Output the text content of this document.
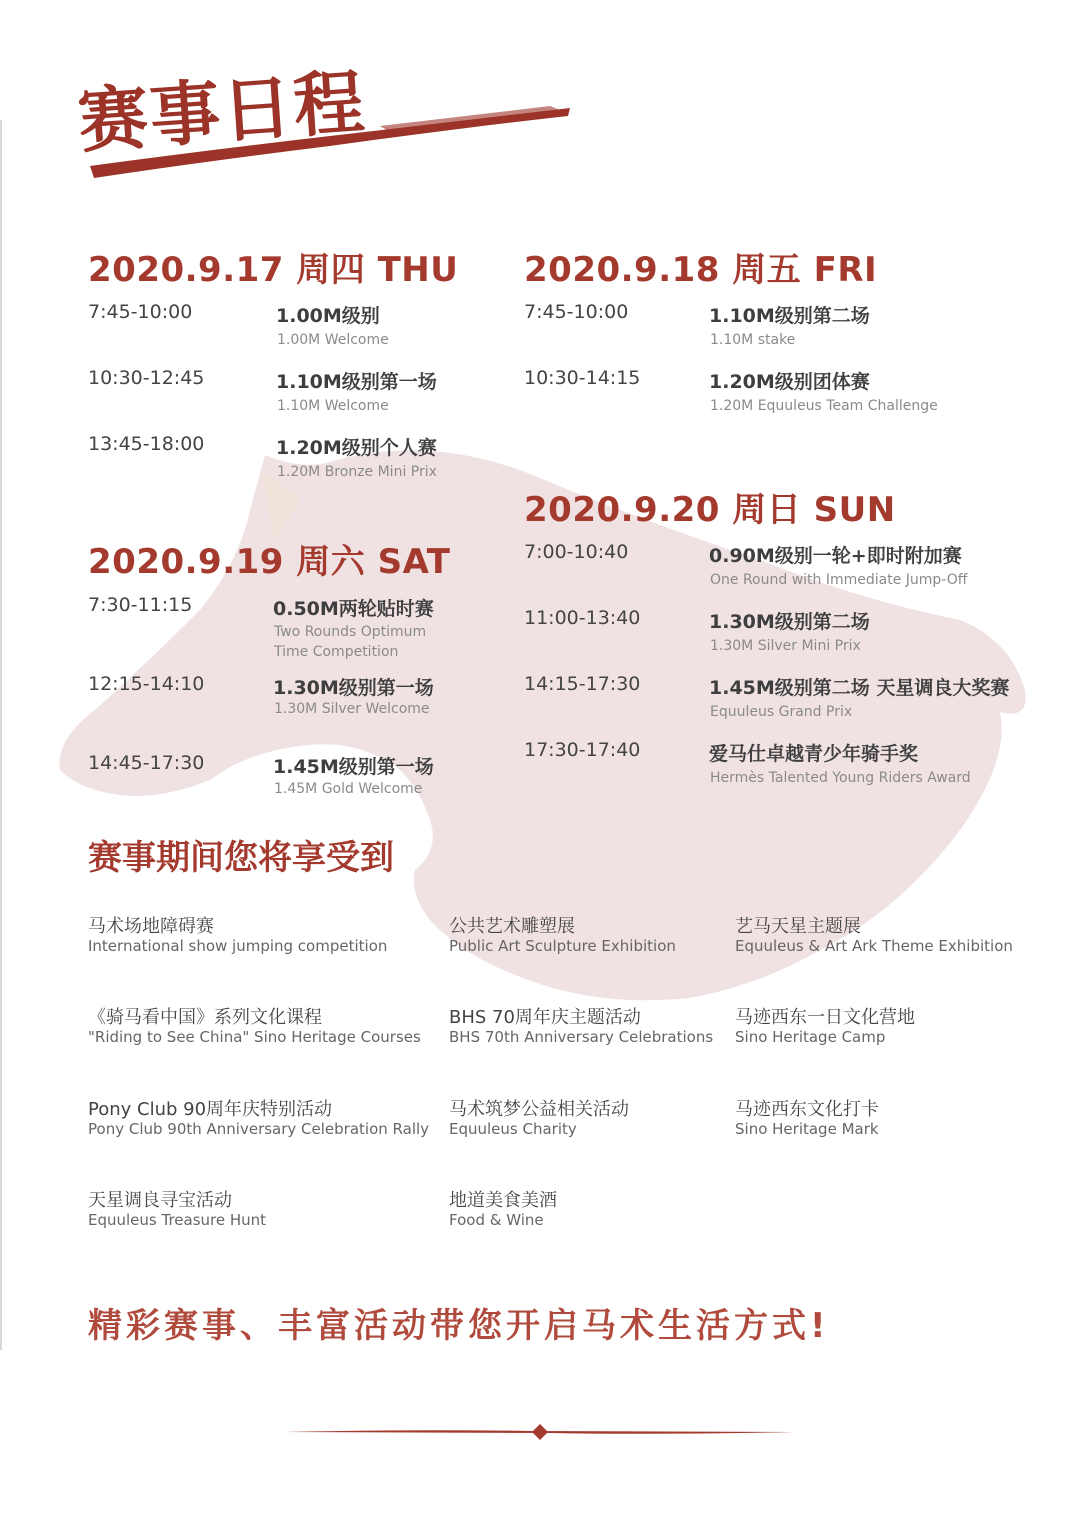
赛事日程
2020.9.17 周四 THU
7:45-10:00	1.00M级别
1.00M Welcome
10:30-12:45	1.10M级别第一场
1.10M Welcome
13:45-18:00	1.20M级别个人赛
1.20M Bronze Mini Prix
2020.9.18 周五 FRI
7:45-10:00	1.10M级别第二场
1.10M stake
10:30-14:15	1.20M级别团体赛
1.20M Equuleus Team Challenge
2020.9.19 周六 SAT
7:30-11:15	0.50M两轮贴时赛
Two Rounds Optimum
Time Competition
12:15-14:10	1.30M级别第一场
1.30M Silver Welcome
14:45-17:30	1.45M级别第一场
1.45M Gold Welcome
2020.9.20 周日 SUN
7:00-10:40	0.90M级别一轮+即时附加赛
One Round with Immediate Jump-Off
11:00-13:40	1.30M级别第二场
1.30M Silver Mini Prix
14:15-17:30	1.45M级别第二场 天星调良大奖赛
Equuleus Grand Prix
17:30-17:40	爱马仕卓越青少年骑手奖
Hermès Talented Young Riders Award
赛事期间您将享受到
马术场地障碍赛
International show jumping competition
公共艺术雕塑展
Public Art Sculpture Exhibition
艺马天星主题展
Equuleus & Art Ark Theme Exhibition
《骑马看中国》系列文化课程
"Riding to See China" Sino Heritage Courses
BHS 70周年庆主题活动
BHS 70th Anniversary Celebrations
马迹西东一日文化营地
Sino Heritage Camp
Pony Club 90周年庆特别活动
Pony Club 90th Anniversary Celebration Rally
马术筑梦公益相关活动
Equuleus Charity
马迹西东文化打卡
Sino Heritage Mark
天星调良寻宝活动
Equuleus Treasure Hunt
地道美食美酒
Food & Wine
精彩赛事、丰富活动带您开启马术生活方式!
